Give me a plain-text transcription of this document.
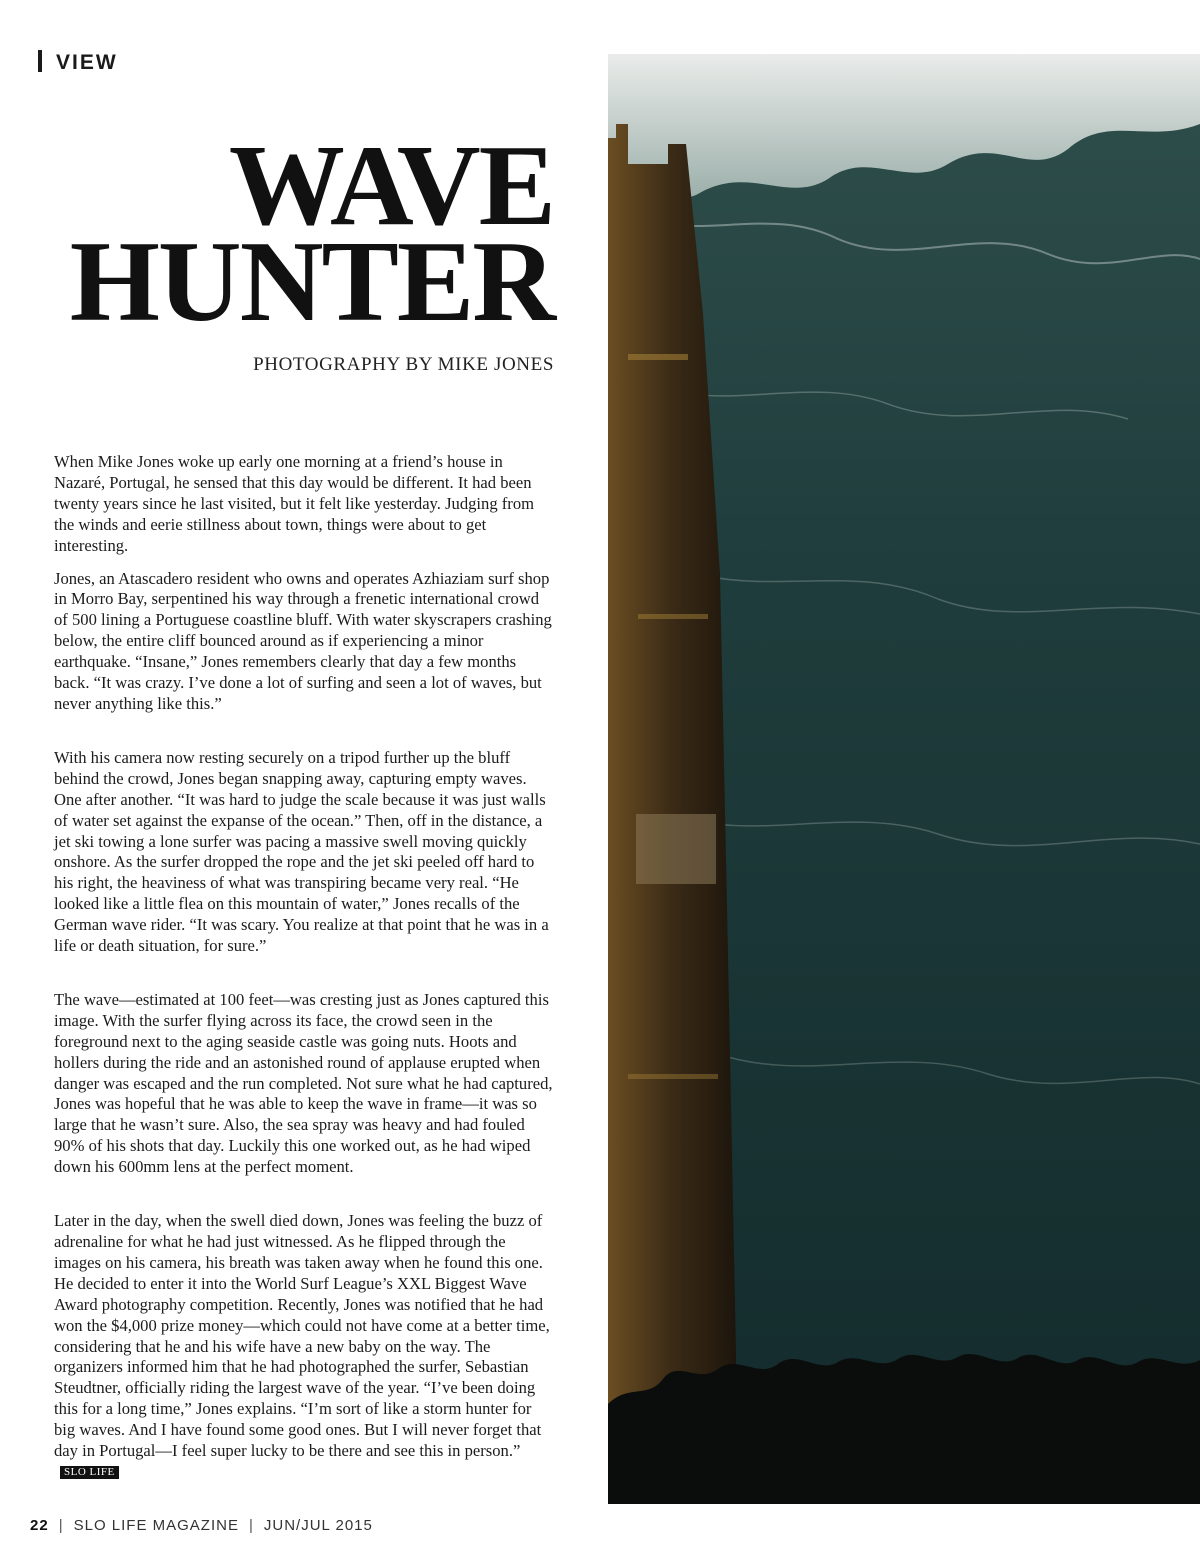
VIEW
WAVE
HUNTER
PHOTOGRAPHY BY MIKE JONES

When Mike Jones woke up early one morning at a friend’s house in Nazaré, Portugal, he sensed that this day would be different. It had been twenty years since he last visited, but it felt like yesterday. Judging from the winds and eerie stillness about town, things were about to get interesting.

Jones, an Atascadero resident who owns and operates Azhiaziam surf shop in Morro Bay, serpentined his way through a frenetic international crowd of 500 lining a Portuguese coastline bluff. With water skyscrapers crashing below, the entire cliff bounced around as if experiencing a minor earthquake. “Insane,” Jones remembers clearly that day a few months back. “It was crazy. I’ve done a lot of surfing and seen a lot of waves, but never anything like this.”

With his camera now resting securely on a tripod further up the bluff behind the crowd, Jones began snapping away, capturing empty waves. One after another. “It was hard to judge the scale because it was just walls of water set against the expanse of the ocean.” Then, off in the distance, a jet ski towing a lone surfer was pacing a massive swell moving quickly onshore. As the surfer dropped the rope and the jet ski peeled off hard to his right, the heaviness of what was transpiring became very real. “He looked like a little flea on this mountain of water,” Jones recalls of the German wave rider. “It was scary. You realize at that point that he was in a life or death situation, for sure.”

The wave—estimated at 100 feet—was cresting just as Jones captured this image. With the surfer flying across its face, the crowd seen in the foreground next to the aging seaside castle was going nuts. Hoots and hollers during the ride and an astonished round of applause erupted when danger was escaped and the run completed. Not sure what he had captured, Jones was hopeful that he was able to keep the wave in frame—it was so large that he wasn’t sure. Also, the sea spray was heavy and had fouled 90% of his shots that day. Luckily this one worked out, as he had wiped down his 600mm lens at the perfect moment.

Later in the day, when the swell died down, Jones was feeling the buzz of adrenaline for what he had just witnessed. As he flipped through the images on his camera, his breath was taken away when he found this one. He decided to enter it into the World Surf League’s XXL Biggest Wave Award photography competition. Recently, Jones was notified that he had won the $4,000 prize money—which could not have come at a better time, considering that he and his wife have a new baby on the way. The organizers informed him that he had photographed the surfer, Sebastian Steudtner, officially riding the largest wave of the year. “I’ve been doing this for a long time,” Jones explains. “I’m sort of like a storm hunter for big waves. And I have found some good ones. But I will never forget that day in Portugal—I feel super lucky to be there and see this in person.”SLO LIFE

22 | SLO LIFE MAGAZINE | JUN/JUL 2015
